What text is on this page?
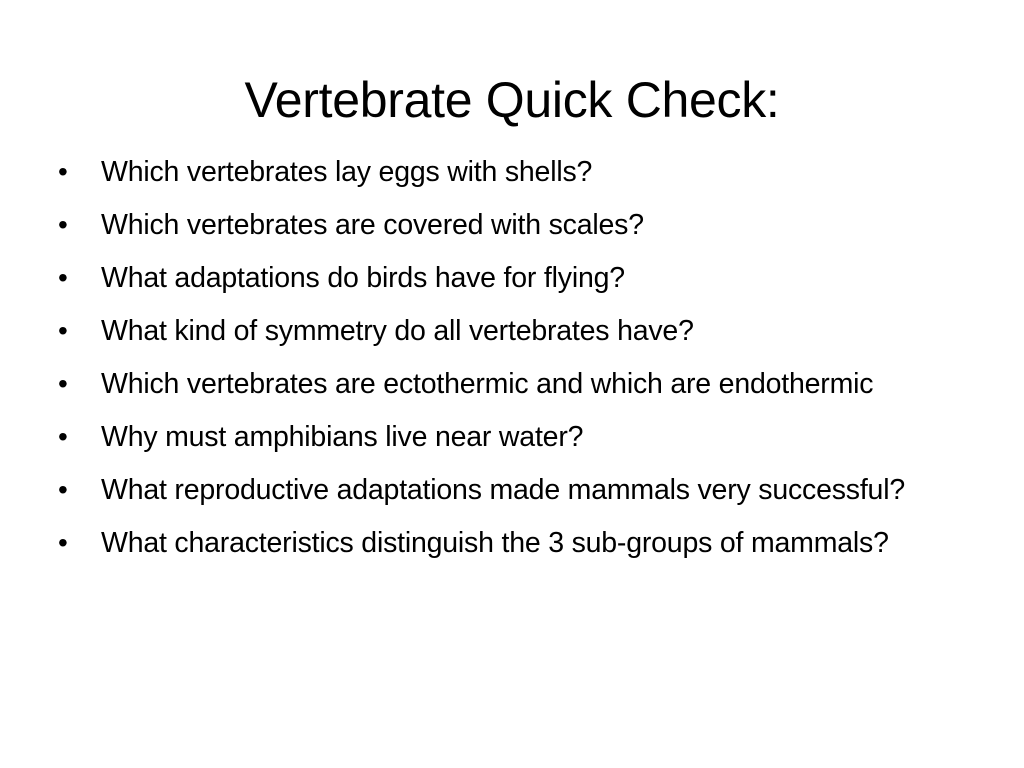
Vertebrate Quick Check:
•	Which vertebrates lay eggs with shells?
•	Which vertebrates are covered with scales?
•	What adaptations do birds have for flying?
•	What kind of symmetry do all vertebrates have?
•	Which vertebrates are ectothermic and which are endothermic
•	Why must amphibians live near water?
•	What reproductive adaptations made mammals very successful?
•	What characteristics distinguish the 3 sub-groups of mammals?
